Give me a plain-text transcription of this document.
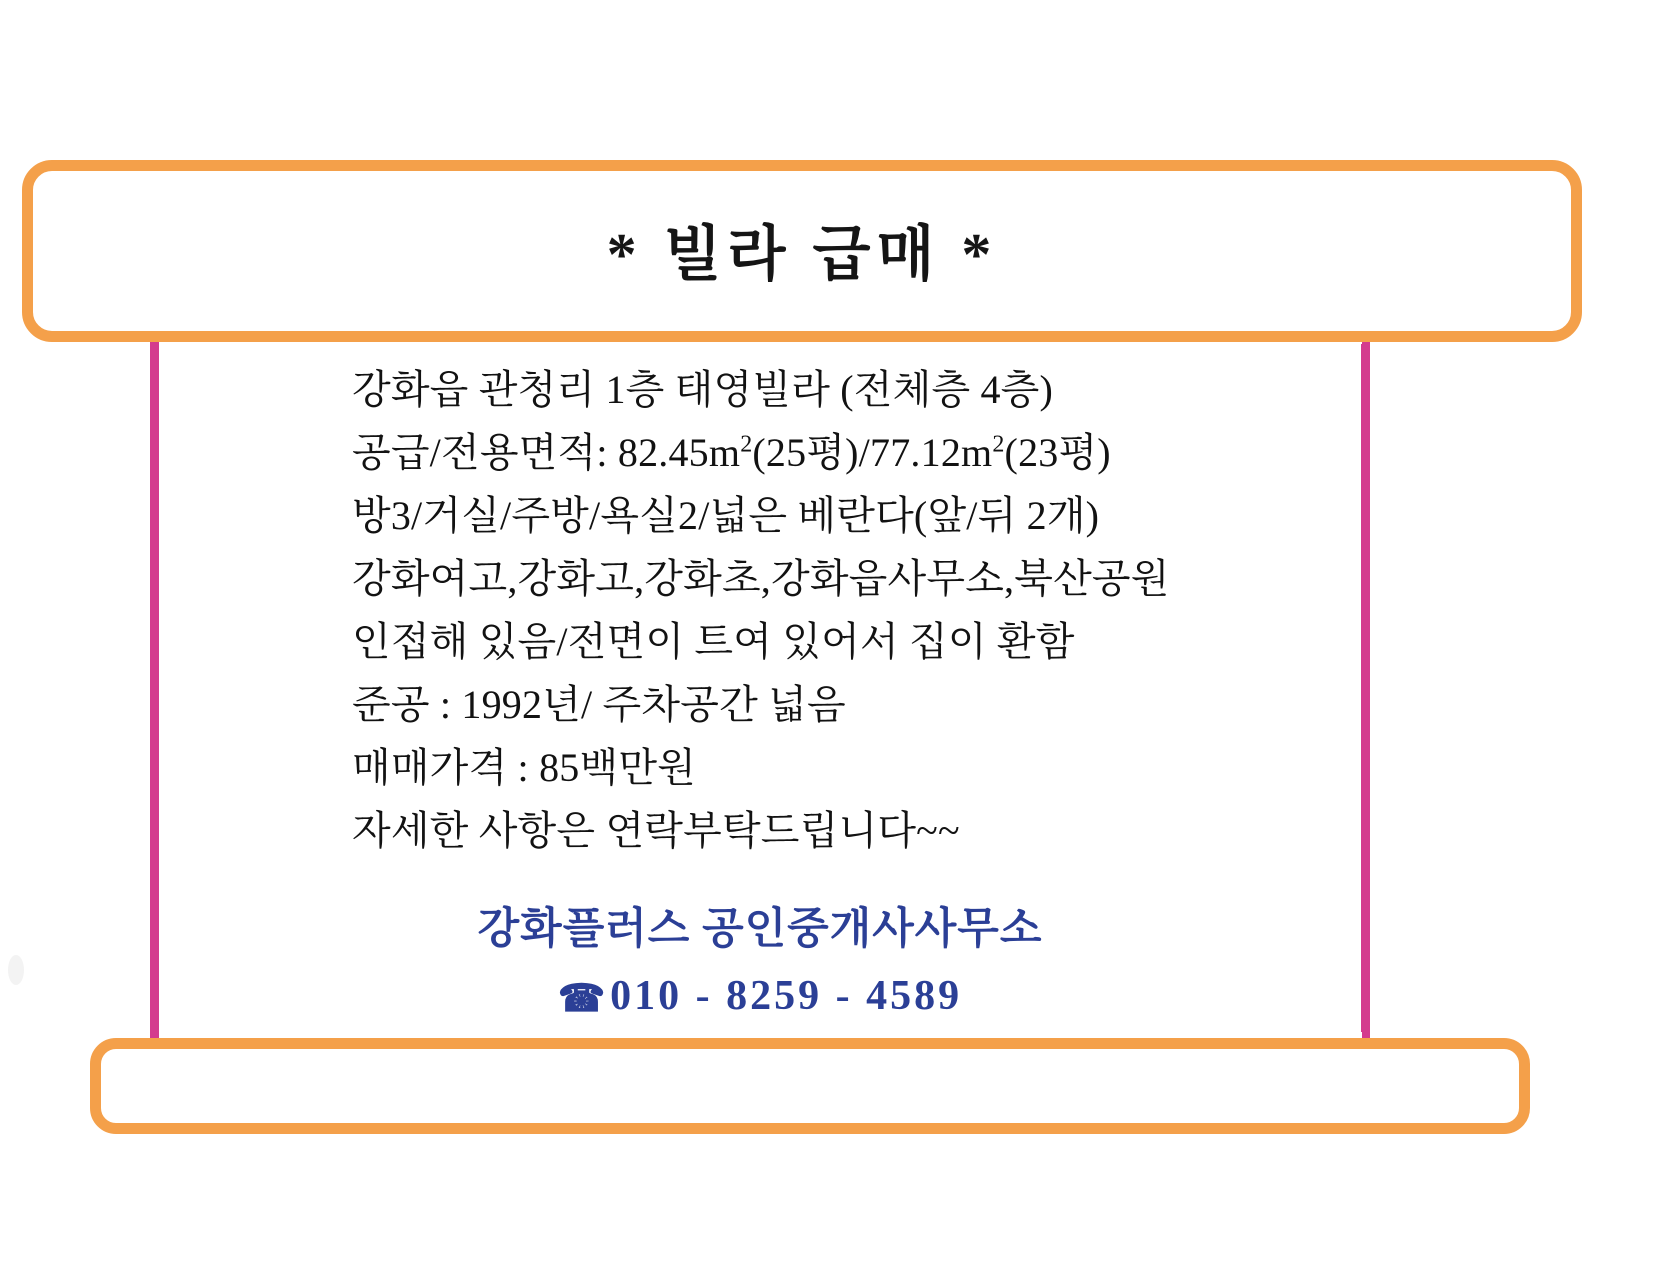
* 빌라 급매 *
강화읍 관청리 1층 태영빌라 (전체층 4층)
공급/전용면적: $82.45m^2(25$평)$/77.12m^2(23$평)
방3/거실/주방/욕실2/넓은 베란다(앞/뒤 2개)
강화여고,강화고,강화초,강화읍사무소,북산공원
인접해 있음/전면이 트여 있어서 집이 환함
준공 : 1992년/ 주차공간 넓음
매매가격 : 85백만원
자세한 사항은 연락부탁드립니다~~
강화플러스 공인중개사사무소
☎010 - 8259 - 4589
